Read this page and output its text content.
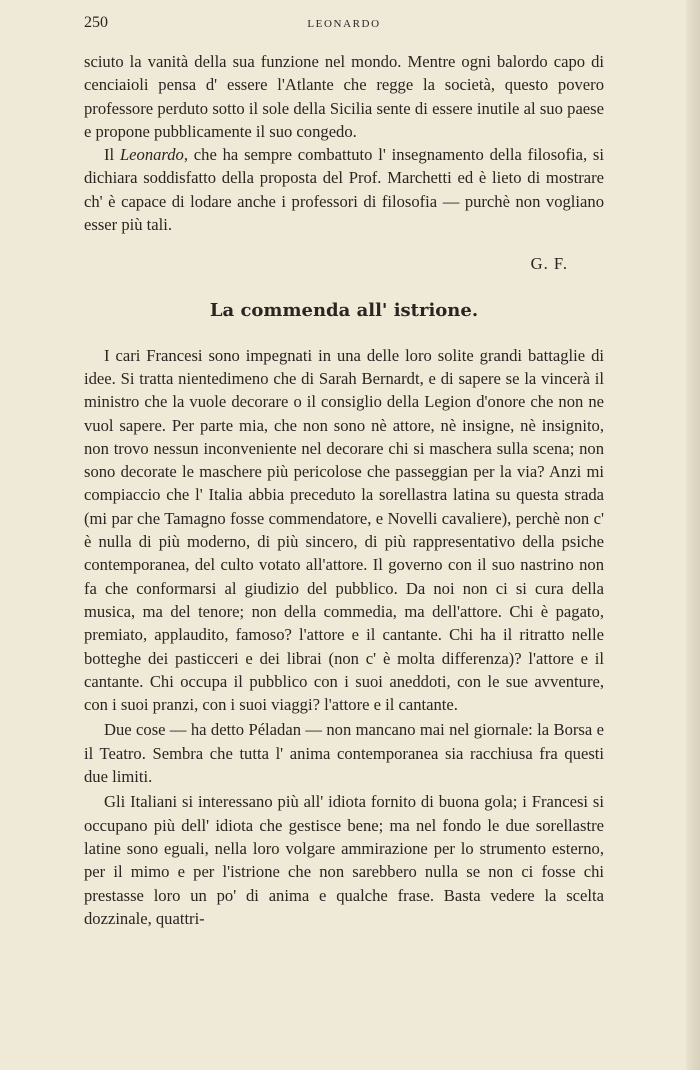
250	LEONARDO

sciuto la vanità della sua funzione nel mondo. Mentre ogni balordo capo di cenciaioli pensa d' essere l'Atlante che regge la società, questo povero professore perduto sotto il sole della Sicilia sente di essere inutile al suo paese e propone pubblicamente il suo congedo.

Il Leonardo, che ha sempre combattuto l' insegnamento della filosofia, si dichiara soddisfatto della proposta del Prof. Marchetti ed è lieto di mostrare ch' è capace di lodare anche i professori di filosofia — purchè non vogliano esser più tali.

G. F.

La commenda all' istrione.

I cari Francesi sono impegnati in una delle loro solite grandi battaglie di idee. Si tratta nientedimeno che di Sarah Bernardt, e di sapere se la vincerà il ministro che la vuole decorare o il consiglio della Legion d'onore che non ne vuol sapere. Per parte mia, che non sono nè attore, nè insigne, nè insignito, non trovo nessun inconveniente nel decorare chi si maschera sulla scena; non sono decorate le maschere più pericolose che passeggian per la via? Anzi mi compiaccio che l' Italia abbia preceduto la sorellastra latina su questa strada (mi par che Tamagno fosse commendatore, e Novelli cavaliere), perchè non c' è nulla di più moderno, di più sincero, di più rappresentativo della psiche contemporanea, del culto votato all'attore. Il governo con il suo nastrino non fa che conformarsi al giudizio del pubblico. Da noi non ci si cura della musica, ma del tenore; non della commedia, ma dell'attore. Chi è pagato, premiato, applaudito, famoso? l'attore e il cantante. Chi ha il ritratto nelle botteghe dei pasticceri e dei librai (non c' è molta differenza)? l'attore e il cantante. Chi occupa il pubblico con i suoi aneddoti, con le sue avventure, con i suoi pranzi, con i suoi viaggi? l'attore e il cantante.

Due cose — ha detto Péladan — non mancano mai nel giornale: la Borsa e il Teatro. Sembra che tutta l' anima contemporanea sia racchiusa fra questi due limiti.

Gli Italiani si interessano più all' idiota fornito di buona gola; i Francesi si occupano più dell' idiota che gestisce bene; ma nel fondo le due sorellastre latine sono eguali, nella loro volgare ammirazione per lo strumento esterno, per il mimo e per l'istrione che non sarebbero nulla se non ci fosse chi prestasse loro un po' di anima e qualche frase. Basta vedere la scelta dozzinale, quattri-
